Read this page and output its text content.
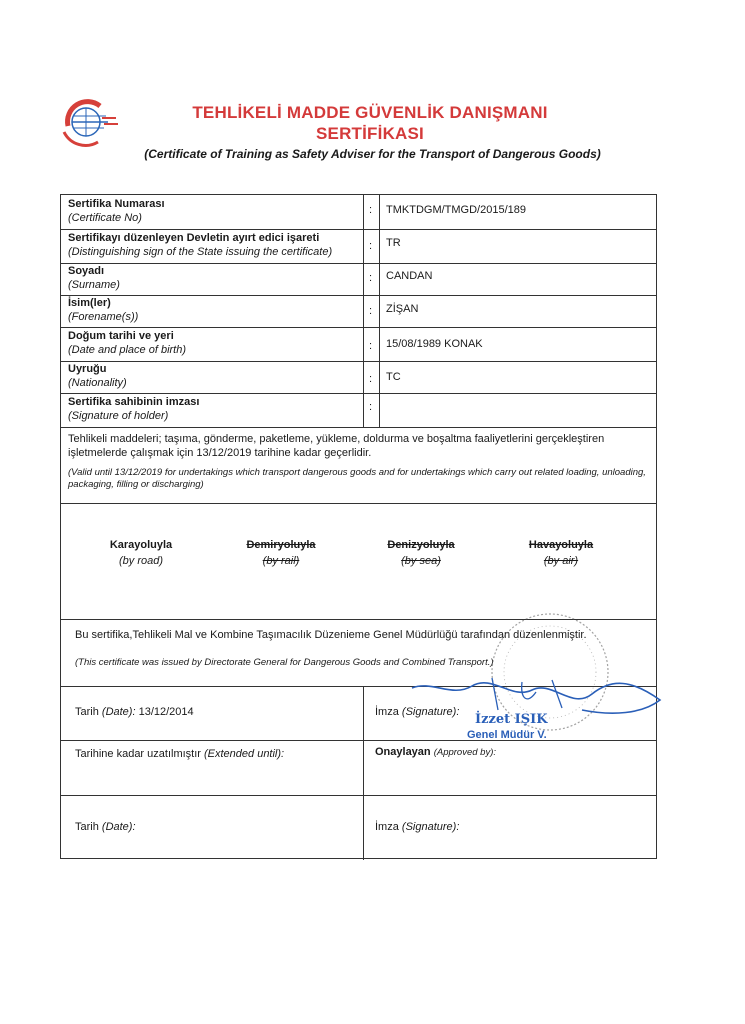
TEHLİKELİ MADDE GÜVENLİK DANIŞMANI
SERTİFİKASI
(Certificate of Training as Safety Adviser for the Transport of Dangerous Goods)
Sertifika Numarası
(Certificate No)
: TMKTDGM/TMGD/2015/189
Sertifikayı düzenleyen Devletin ayırt edici işareti
(Distinguishing sign of the State issuing the certificate)	: TR
Soyadı
(Surname)
: CANDAN
İsim(ler)
(Forename(s))	: ZİŞAN
Doğum tarihi ve yeri
(Date and place of birth)	: 15/08/1989 KONAK
Uyruğu
(Nationality)	: TC
Sertifika sahibinin imzası
(Signature of holder)
:
Tehlikeli maddeleri; taşıma, gönderme, paketleme, yükleme, doldurma ve boşaltma faaliyetlerini gerçekleştiren işletmelerde çalışmak için 13/12/2019 tarihine kadar geçerlidir.
(Valid until 13/12/2019 for undertakings which transport dangerous goods and for undertakings which carry out related loading, unloading, packaging, filling or discharging)
Karayoluyla
(by road)
Demiryoluyla
(by rail)
Denizyoluyla
(by sea)
Havayoluyla
(by air)
Bu sertifika,Tehlikeli Mal ve Kombine Taşımacılık Düzenieme Genel Müdürlüğü tarafından düzenlenmiştir.
(This certificate was issued by Directorate General for Dangerous Goods and Combined Transport.)
Tarih (Date): 13/12/2014	İmza (Signature):
Tarihine kadar uzatılmıştır (Extended until):	Onaylayan (Approved by):
Tarih (Date):	İmza (Signature):
İzzet IŞIK
Genel Müdür V.
